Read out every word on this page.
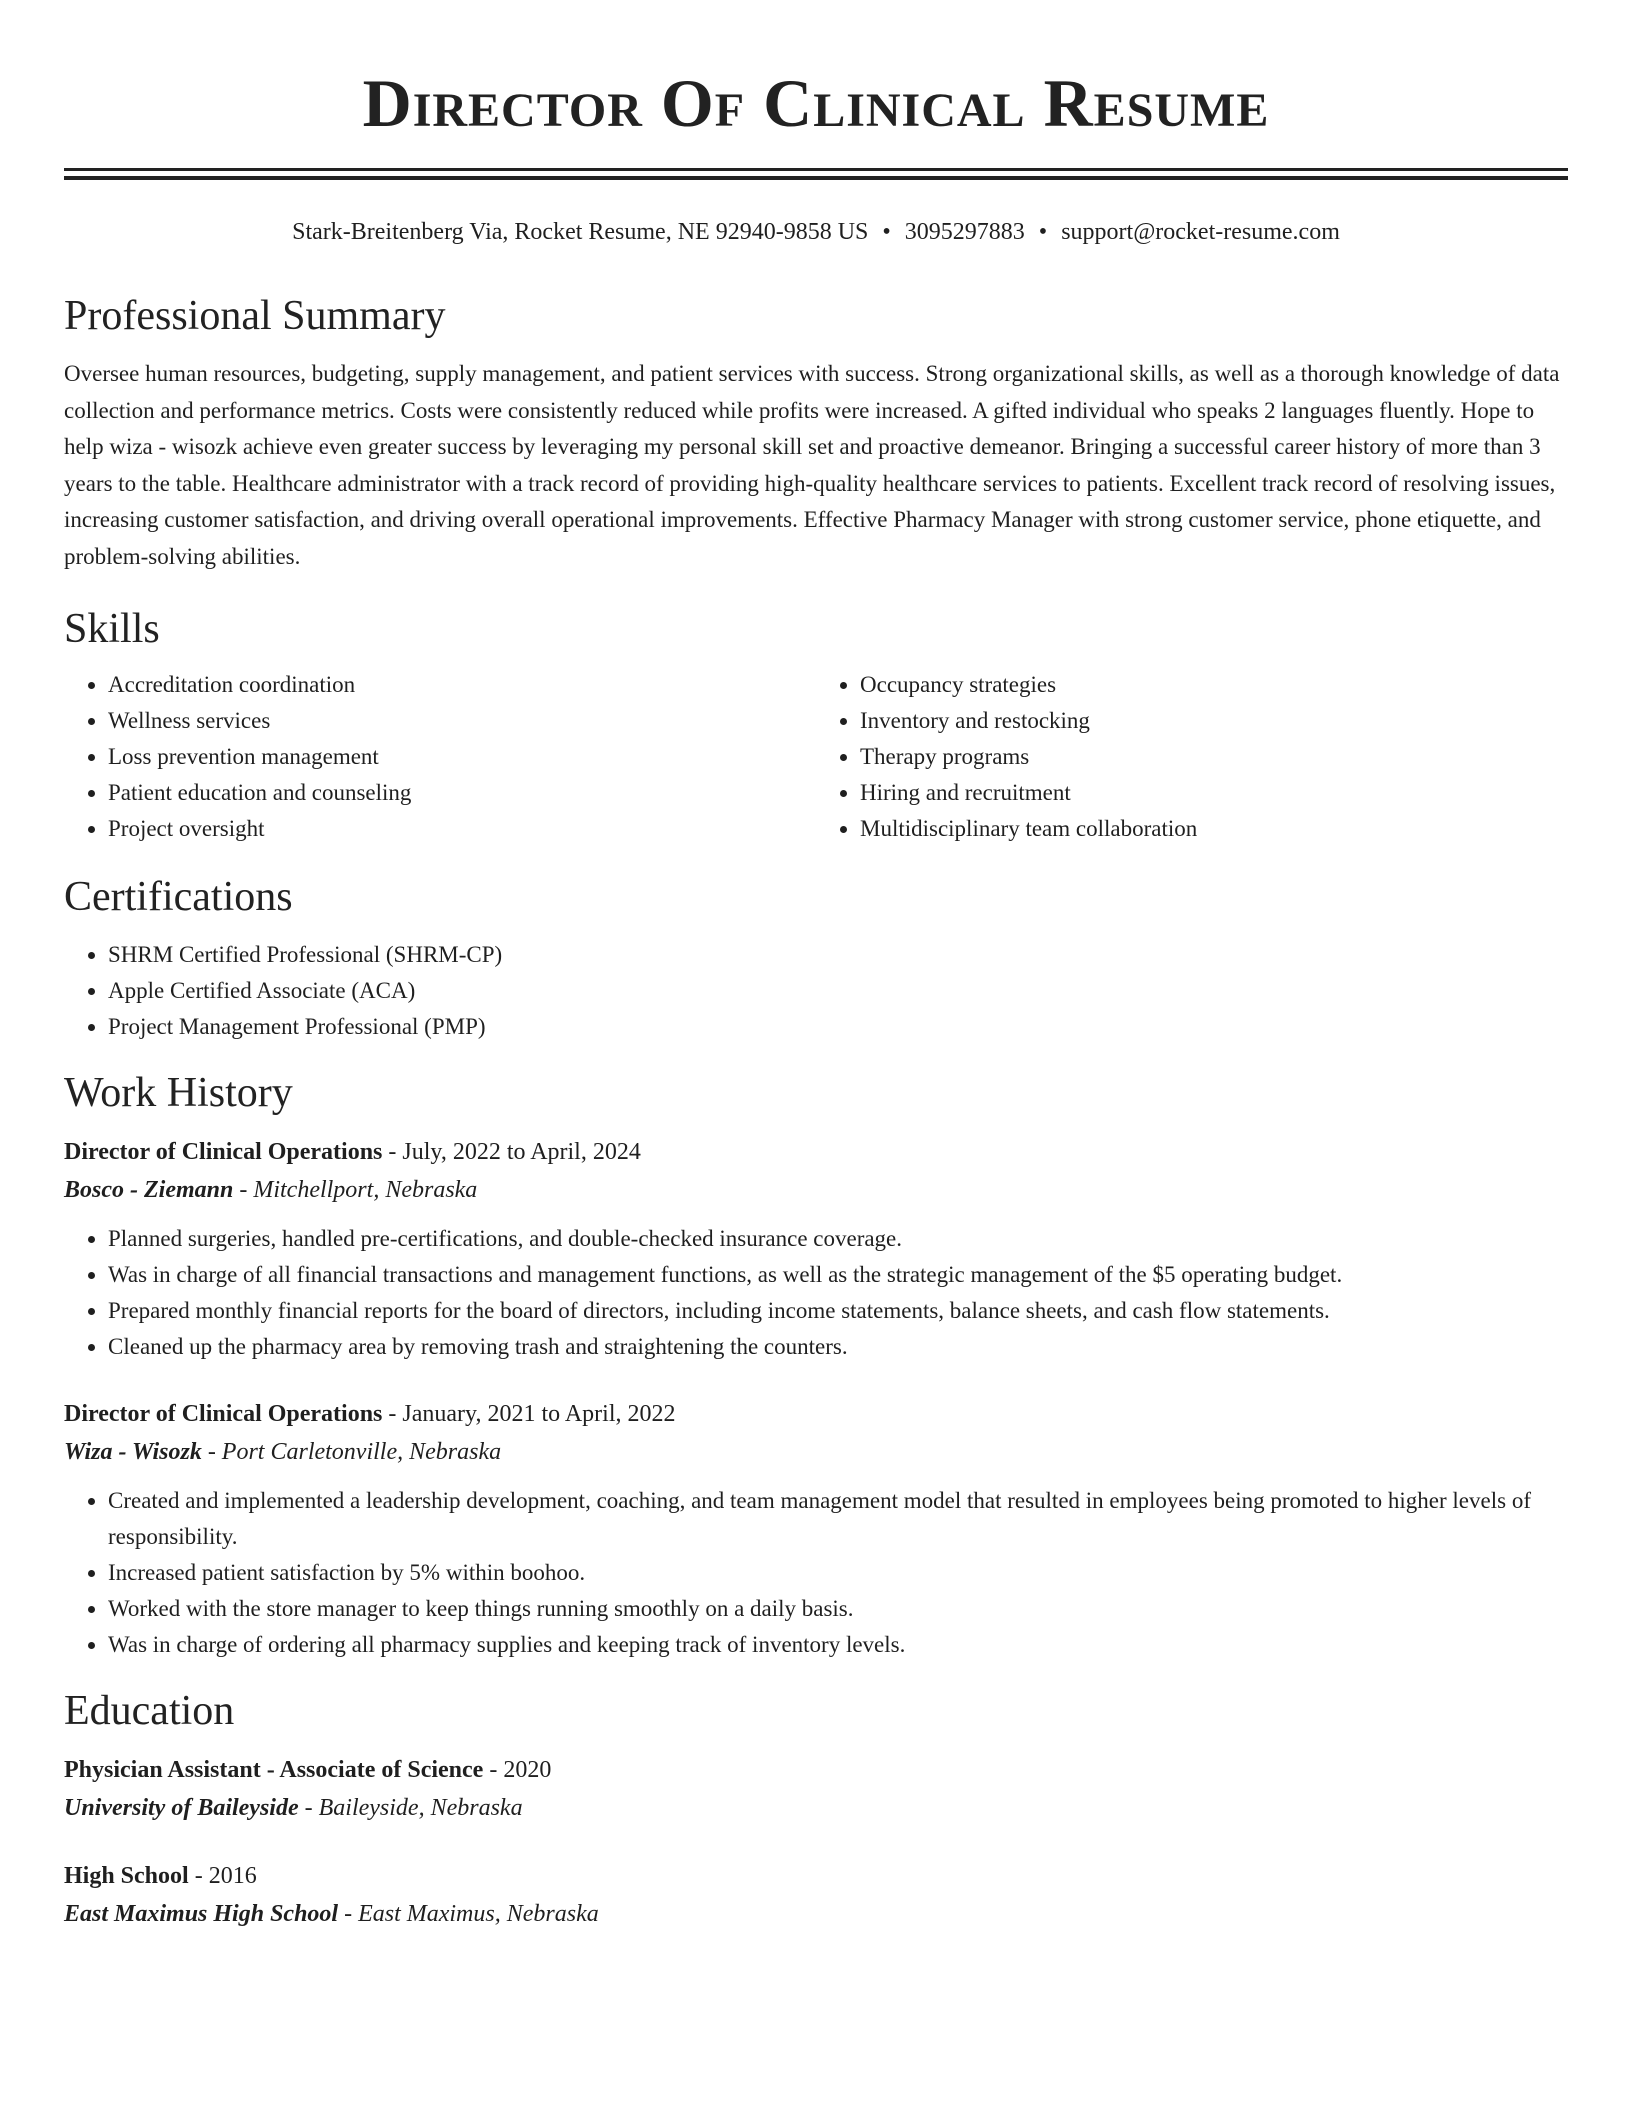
Director Of Clinical Resume
Stark-Breitenberg Via, Rocket Resume, NE 92940-9858 US • 3095297883 • support@rocket-resume.com
Professional Summary

Oversee human resources, budgeting, supply management, and patient services with success. Strong organizational skills, as well as a thorough knowledge of data collection and performance metrics. Costs were consistently reduced while profits were increased. A gifted individual who speaks 2 languages fluently. Hope to help wiza - wisozk achieve even greater success by leveraging my personal skill set and proactive demeanor. Bringing a successful career history of more than 3 years to the table. Healthcare administrator with a track record of providing high-quality healthcare services to patients. Excellent track record of resolving issues, increasing customer satisfaction, and driving overall operational improvements. Effective Pharmacy Manager with strong customer service, phone etiquette, and problem-solving abilities.

Skills
• Accreditation coordination
• Wellness services
• Loss prevention management
• Patient education and counseling
• Project oversight
• Occupancy strategies
• Inventory and restocking
• Therapy programs
• Hiring and recruitment
• Multidisciplinary team collaboration
Certifications
• SHRM Certified Professional (SHRM-CP)
• Apple Certified Associate (ACA)
• Project Management Professional (PMP)
Work History
Director of Clinical Operations - July, 2022 to April, 2024
Bosco - Ziemann - Mitchellport, Nebraska
• Planned surgeries, handled pre-certifications, and double-checked insurance coverage.
• Was in charge of all financial transactions and management functions, as well as the strategic management of the $5 operating budget.
• Prepared monthly financial reports for the board of directors, including income statements, balance sheets, and cash flow statements.
• Cleaned up the pharmacy area by removing trash and straightening the counters.
Director of Clinical Operations - January, 2021 to April, 2022
Wiza - Wisozk - Port Carletonville, Nebraska
• Created and implemented a leadership development, coaching, and team management model that resulted in employees being promoted to higher levels of responsibility.
• Increased patient satisfaction by 5% within boohoo.
• Worked with the store manager to keep things running smoothly on a daily basis.
• Was in charge of ordering all pharmacy supplies and keeping track of inventory levels.
Education
Physician Assistant - Associate of Science - 2020
University of Baileyside - Baileyside, Nebraska
High School - 2016
East Maximus High School - East Maximus, Nebraska
